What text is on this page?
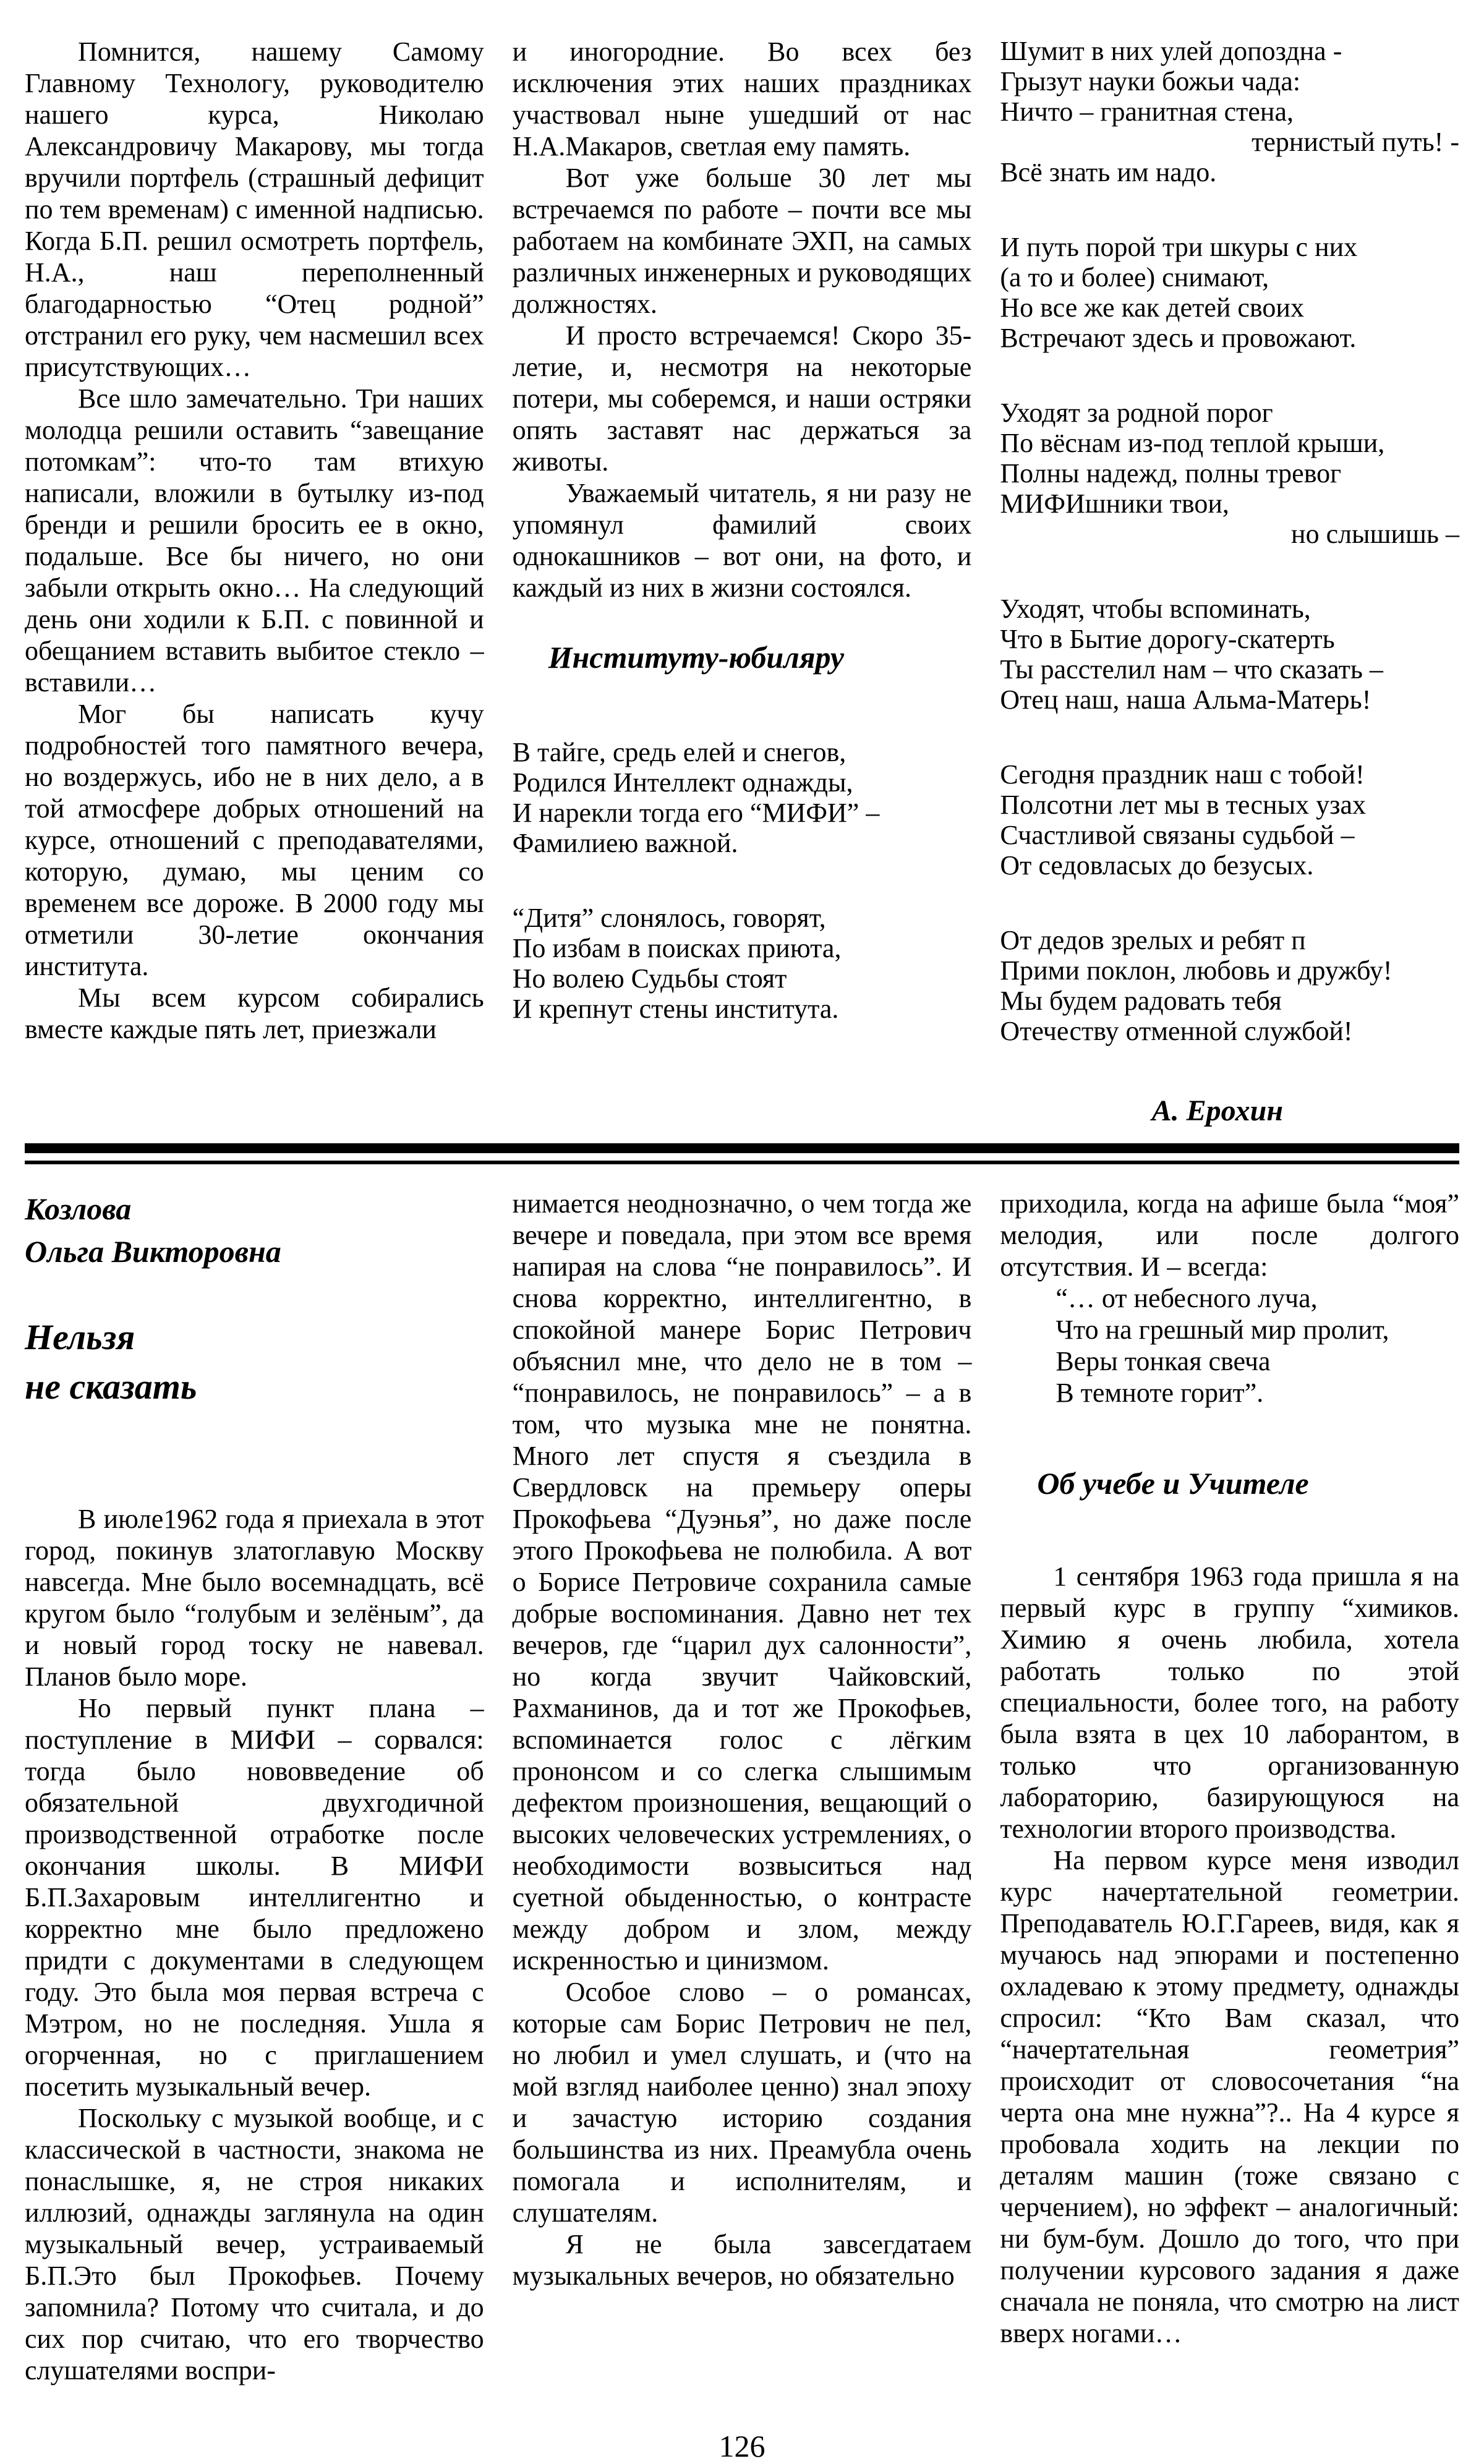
Помнится, нашему Самому Главному Технологу, руководителю нашего курса, Николаю Александровичу Макарову, мы тогда вручили портфель (страшный дефицит по тем временам) с именной надписью. Когда Б.П. решил осмотреть портфель, Н.А., наш переполненный благодарностью “Отец родной” отстранил его руку, чем насмешил всех присутствующих…

Все шло замечательно. Три наших молодца решили оставить “завещание потомкам”: что-то там втихую написали, вложили в бутылку из-под бренди и решили бросить ее в окно, подальше. Все бы ничего, но они забыли открыть окно… На следующий день они ходили к Б.П. с повинной и обещанием вставить выбитое стекло – вставили…

Мог бы написать кучу подробностей того памятного вечера, но воздержусь, ибо не в них дело, а в той атмосфере добрых отношений на курсе, отношений с преподавателями, которую, думаю, мы ценим со временем все дороже. В 2000 году мы отметили 30-летие окончания института.

Мы всем курсом собирались вместе каждые пять лет, приезжали

и иногородние. Во всех без исключения этих наших праздниках участвовал ныне ушедший от нас Н.А.Макаров, светлая ему память.

Вот уже больше 30 лет мы встречаемся по работе – почти все мы работаем на комбинате ЭХП, на самых различных инженерных и руководящих должностях.

И просто встречаемся! Скоро 35-летие, и, несмотря на некоторые потери, мы соберемся, и наши остряки опять заставят нас держаться за животы.

Уважаемый читатель, я ни разу не упомянул фамилий своих однокашников – вот они, на фото, и каждый из них в жизни состоялся.

Институту-юбиляру
В тайге, средь елей и снегов,
Родился Интеллект однажды,
И нарекли тогда его “МИФИ” –
Фамилиею важной.
“Дитя” слонялось, говорят,
По избам в поисках приюта,
Но волею Судьбы стоят
И крепнут стены института.
Шумит в них улей допоздна -
Грызут науки божьи чада:
Ничто – гранитная стена,
тернистый путь! -
Всё знать им надо.
И путь порой три шкуры с них
(а то и более) снимают,
Но все же как детей своих
Встречают здесь и провожают.
Уходят за родной порог
По вёснам из-под теплой крыши,
Полны надежд, полны тревог
МИФИшники твои,
но слышишь –
Уходят, чтобы вспоминать,
Что в Бытие дорогу-скатерть
Ты расстелил нам – что сказать –
Отец наш, наша Альма-Матерь!
Сегодня праздник наш с тобой!
Полсотни лет мы в тесных узах
Счастливой связаны судьбой –
От седовласых до безусых.
От дедов зрелых и ребят п
Прими поклон, любовь и дружбу!
Мы будем радовать тебя
Отечеству отменной службой!
А. Ерохин
Козлова
Ольга Викторовна
Нельзя
не сказать

В июле1962 года я приехала в этот город, покинув златоглавую Москву навсегда. Мне было восемнадцать, всё кругом было “голубым и зелёным”, да и новый город тоску не навевал. Планов было море.

Но первый пункт плана – поступление в МИФИ – сорвался: тогда было нововведение об обязательной двухгодичной производственной отработке после окончания школы. В МИФИ Б.П.Захаровым интеллигентно и корректно мне было предложено придти с документами в следующем году. Это была моя первая встреча с Мэтром, но не последняя. Ушла я огорченная, но с приглашением посетить музыкальный вечер.

Поскольку с музыкой вообще, и с классической в частности, знакома не понаслышке, я, не строя никаких иллюзий, однажды заглянула на один музыкальный вечер, устраиваемый Б.П.Это был Прокофьев. Почему запомнила? Потому что считала, и до сих пор считаю, что его творчество слушателями воспри-

нимается неоднозначно, о чем тогда же вечере и поведала, при этом все время напирая на слова “не понравилось”. И снова корректно, интеллигентно, в спокойной манере Борис Петрович объяснил мне, что дело не в том – “понравилось, не понравилось” – а в том, что музыка мне не понятна. Много лет спустя я съездила в Свердловск на премьеру оперы Прокофьева “Дуэнья”, но даже после этого Прокофьева не полюбила. А вот о Борисе Петровиче сохранила самые добрые воспоминания. Давно нет тех вечеров, где “царил дух салонности”, но когда звучит Чайковский, Рахманинов, да и тот же Прокофьев, вспоминается голос с лёгким прононсом и со слегка слышимым дефектом произношения, вещающий о высоких человеческих устремлениях, о необходимости возвыситься над суетной обыденностью, о контрасте между добром и злом, между искренностью и цинизмом.

Особое слово – о романсах, которые сам Борис Петрович не пел, но любил и умел слушать, и (что на мой взгляд наиболее ценно) знал эпоху и зачастую историю создания большинства из них. Преамубла очень помогала и исполнителям, и слушателям.

Я не была завсегдатаем музыкальных вечеров, но обязательно

приходила, когда на афише была “моя” мелодия, или после долгого отсутствия. И – всегда:

“… от небесного луча,
Что на грешный мир пролит,
Веры тонкая свеча
В темноте горит”.
Об учебе и Учителе

1 сентября 1963 года пришла я на первый курс в группу “химиков. Химию я очень любила, хотела работать только по этой специальности, более того, на работу была взята в цех 10 лаборантом, в только что организованную лабораторию, базирующуюся на технологии второго производства.

На первом курсе меня изводил курс начертательной геометрии. Преподаватель Ю.Г.Гареев, видя, как я мучаюсь над эпюрами и постепенно охладеваю к этому предмету, однажды спросил: “Кто Вам сказал, что “начертательная геометрия” происходит от словосочетания “на черта она мне нужна”?.. На 4 курсе я пробовала ходить на лекции по деталям машин (тоже связано с черчением), но эффект – аналогичный: ни бум-бум. Дошло до того, что при получении курсового задания я даже сначала не поняла, что смотрю на лист вверх ногами…

126
